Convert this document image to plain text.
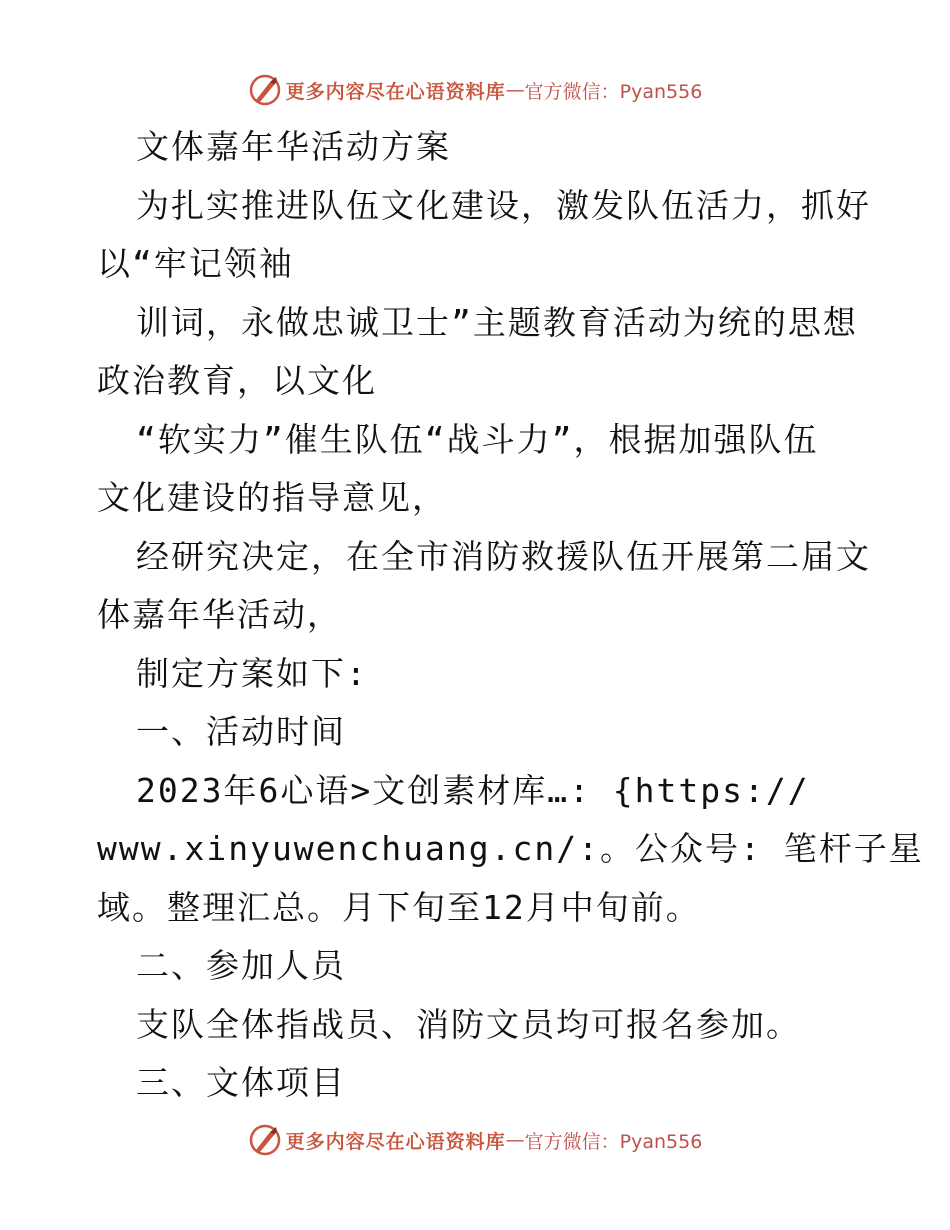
更多内容尽在心语资料库 — 官方微信：Pyan556
文体嘉年华活动方案
为扎实推进队伍文化建设，激发队伍活力，抓好
以“牢记领袖
训词，永做忠诚卫士”主题教育活动为统的思想
政治教育，以文化
“软实力”催生队伍“战斗力”，根据加强队伍
文化建设的指导意见，
经研究决定，在全市消防救援队伍开展第二届文
体嘉年华活动，
制定方案如下:
一、活动时间
2023年6心语>文创素材库…: {https://
www.xinyuwenchuang.cn/:。公众号: 笔杆子星
域。整理汇总。月下旬至12月中旬前。
二、参加人员
支队全体指战员、消防文员均可报名参加。
三、文体项目
更多内容尽在心语资料库 — 官方微信：Pyan556
